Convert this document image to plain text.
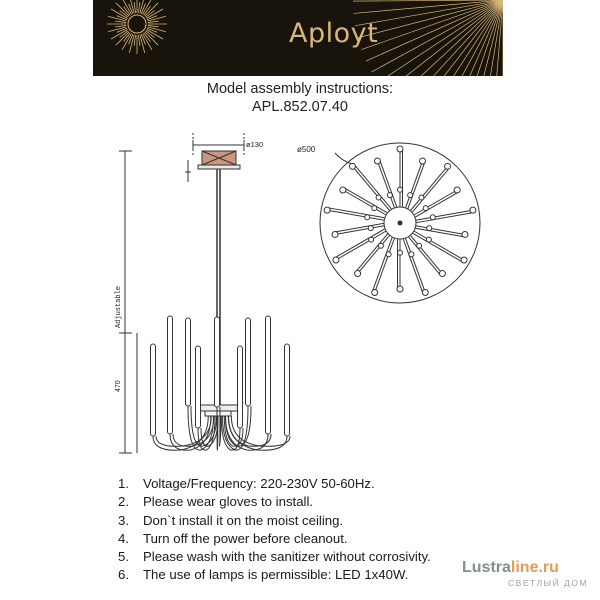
Aployt
Model assembly instructions:
APL.852.07.40
ø130
Adjustable
470
ø500
1. Voltage/Frequency: 220-230V 50-60Hz.
2. Please wear gloves to install.
3. Don`t install it on the moist ceiling.
4. Turn off the power before cleanout.
5. Please wash with the sanitizer without corrosivity.
6. The use of lamps is permissible: LED 1x40W.	Lustraline.ru
СВЕТЛЫЙ ДОМ
